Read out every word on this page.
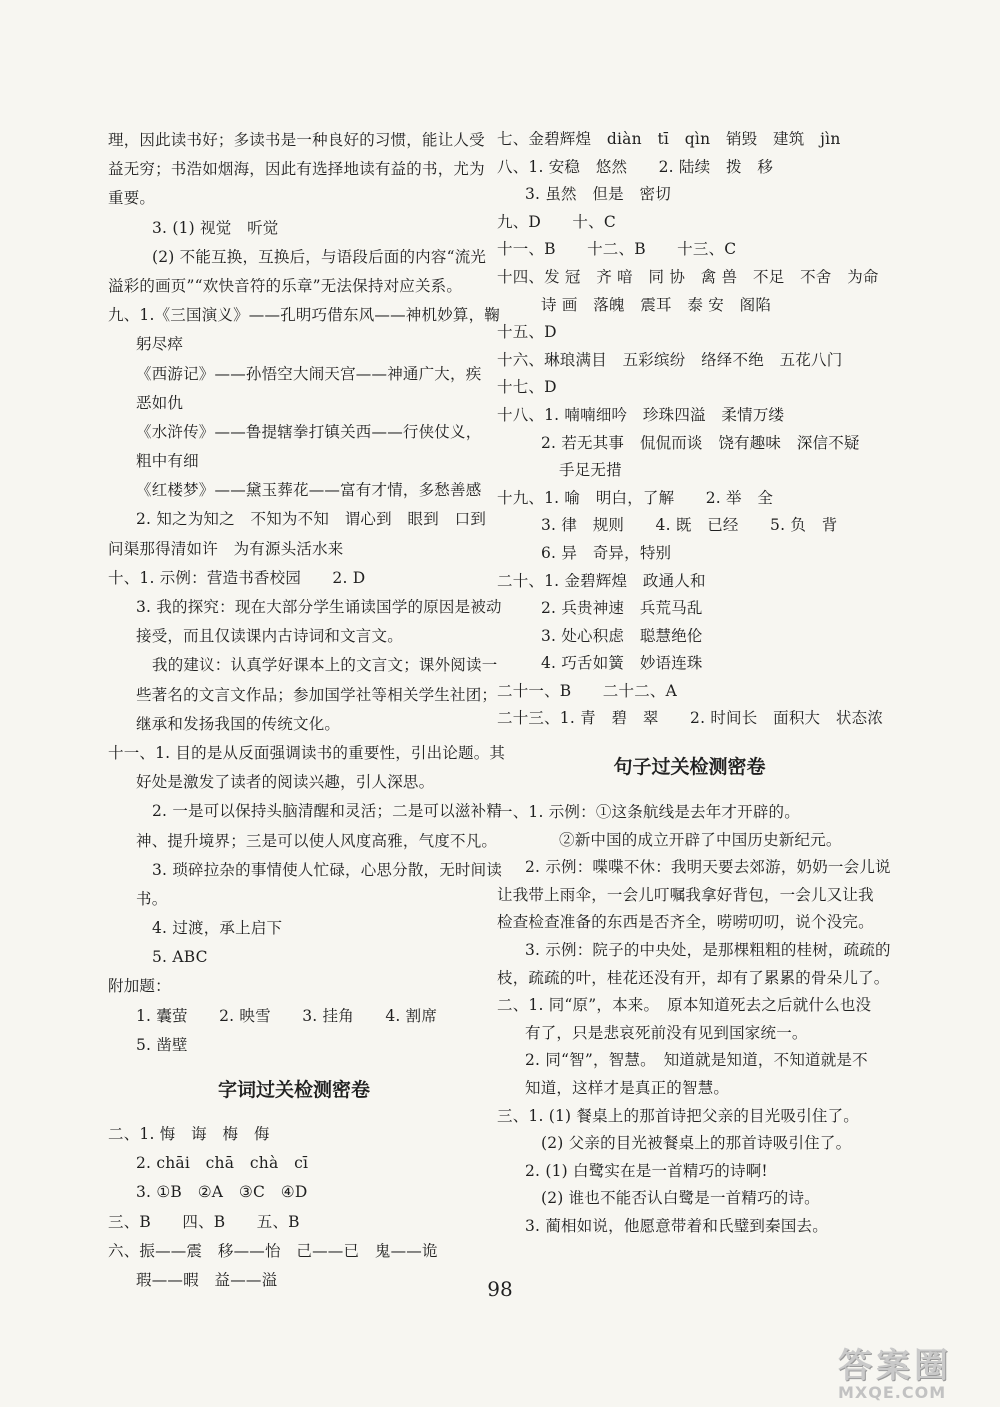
理，因此读书好；多读书是一种良好的习惯，能让人受
益无穷；书浩如烟海，因此有选择地读有益的书，尤为
重要。
3. (1) 视觉　听觉
(2) 不能互换，互换后，与语段后面的内容“流光
溢彩的画页”“欢快音符的乐章”无法保持对应关系。
九、1.《三国演义》——孔明巧借东风——神机妙算，鞠
躬尽瘁
《西游记》——孙悟空大闹天宫——神通广大，疾
恶如仇
《水浒传》——鲁提辖拳打镇关西——行侠仗义，
粗中有细
《红楼梦》——黛玉葬花——富有才情，多愁善感
2. 知之为知之　不知为不知　谓心到　眼到　口到
问渠那得清如许　为有源头活水来
十、1. 示例：营造书香校园　　2. D
3. 我的探究：现在大部分学生诵读国学的原因是被动
接受，而且仅读课内古诗词和文言文。
我的建议：认真学好课本上的文言文；课外阅读一
些著名的文言文作品；参加国学社等相关学生社团；
继承和发扬我国的传统文化。
十一、1. 目的是从反面强调读书的重要性，引出论题。其
好处是激发了读者的阅读兴趣，引人深思。
2. 一是可以保持头脑清醒和灵活；二是可以滋补精
神、提升境界；三是可以使人风度高雅，气度不凡。
3. 琐碎拉杂的事情使人忙碌，心思分散，无时间读
书。
4. 过渡，承上启下
5. ABC
附加题：
1. 囊萤　　2. 映雪　　3. 挂角　　4. 割席
5. 凿壁
字词过关检测密卷
二、1. 悔　诲　梅　侮
2. chāi　chā　chà　cī
3. ①B　②A　③C　④D
三、B　　四、B　　五、B
六、振——震　移——怡　己——已　鬼——诡
瑕——暇　益——溢
七、金碧辉煌　diàn　tī　qìn　销毁　建筑　jìn
八、1. 安稳　悠然　　2. 陆续　拨　移
3. 虽然　但是　密切
九、D　　十、C
十一、B　　十二、B　　十三、C
十四、发 冠　齐 喑　同 协　禽 兽　不足　不舍　为命
诗 画　落魄　震耳　泰 安　阁陷
十五、D
十六、琳琅满目　五彩缤纷　络绎不绝　五花八门
十七、D
十八、1. 喃喃细吟　珍珠四溢　柔情万缕
2. 若无其事　侃侃而谈　饶有趣味　深信不疑
手足无措
十九、1. 喻　明白，了解　　2. 举　全
3. 律　规则　　4. 既　已经　　5. 负　背
6. 异　奇异，特别
二十、1. 金碧辉煌　政通人和
2. 兵贵神速　兵荒马乱
3. 处心积虑　聪慧绝伦
4. 巧舌如簧　妙语连珠
二十一、B　　二十二、A
二十三、1. 青　碧　翠　　2. 时间长　面积大　状态浓
句子过关检测密卷
一、1. 示例：①这条航线是去年才开辟的。
②新中国的成立开辟了中国历史新纪元。
2. 示例：喋喋不休：我明天要去郊游，奶奶一会儿说
让我带上雨伞，一会儿叮嘱我拿好背包，一会儿又让我
检查检查准备的东西是否齐全，唠唠叨叨，说个没完。
3. 示例：院子的中央处，是那棵粗粗的桂树，疏疏的
枝，疏疏的叶，桂花还没有开，却有了累累的骨朵儿了。
二、1. 同“原”，本来。　原本知道死去之后就什么也没
有了，只是悲哀死前没有见到国家统一。
2. 同“智”，智慧。　知道就是知道，不知道就是不
知道，这样才是真正的智慧。
三、1. (1) 餐桌上的那首诗把父亲的目光吸引住了。
(2) 父亲的目光被餐桌上的那首诗吸引住了。
2. (1) 白鹭实在是一首精巧的诗啊!
(2) 谁也不能否认白鹭是一首精巧的诗。
3. 蔺相如说，他愿意带着和氏璧到秦国去。
98
答案圈
MXQE.COM
